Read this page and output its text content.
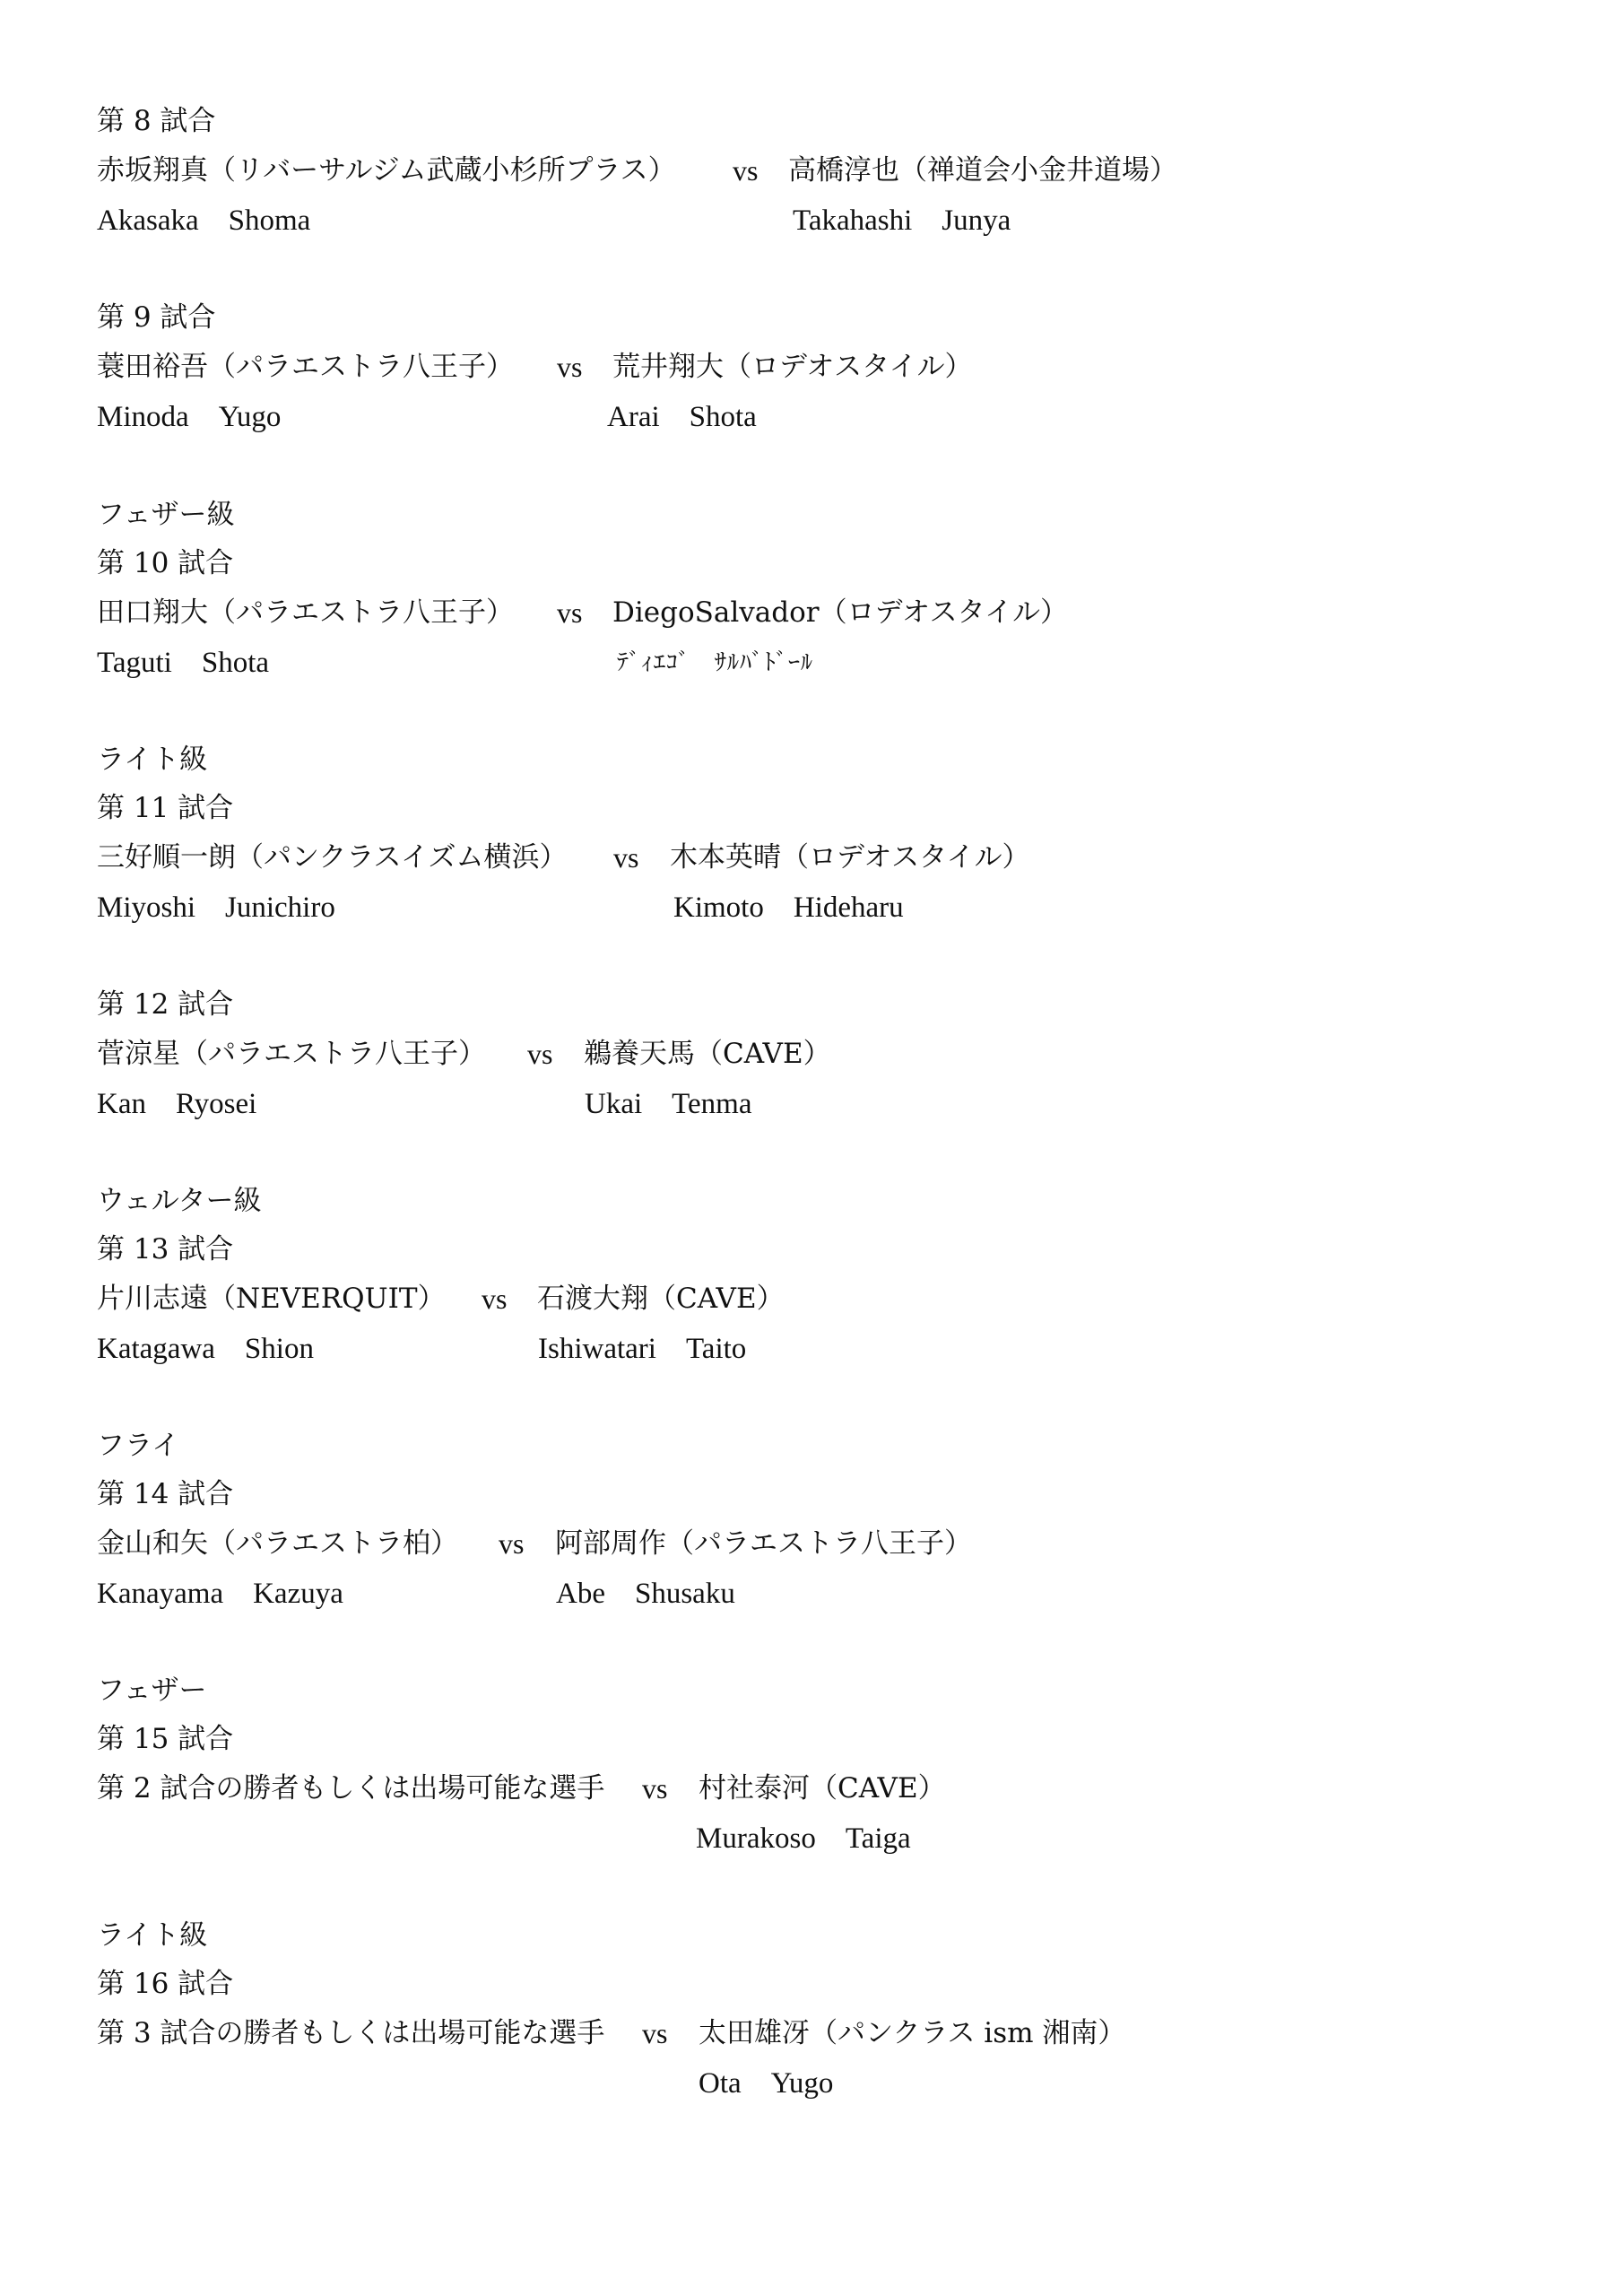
第 8 試合
赤坂翔真（リバーサルジム武蔵小杉所プラス） vs 高橋淳也（禅道会小金井道場）
Akasaka　Shoma	Takahashi　Junya
第 9 試合
蓑田裕吾（パラエストラ八王子） vs 荒井翔大（ロデオスタイル）
Minoda　Yugo	Arai　Shota
フェザー級
第 10 試合
田口翔大（パラエストラ八王子） vs DiegoSalvador（ロデオスタイル）
Taguti　Shota	ﾃﾞｨｴｺﾞ　ｻﾙﾊﾞﾄﾞｰﾙ
ライト級
第 11 試合
三好順一朗（パンクラスイズム横浜） vs 木本英晴（ロデオスタイル）
Miyoshi　Junichiro	Kimoto　Hideharu
第 12 試合
菅涼星（パラエストラ八王子） vs 鵜養天馬（CAVE）
Kan　Ryosei	Ukai　Tenma
ウェルター級
第 13 試合
片川志遠（NEVERQUIT） vs 石渡大翔（CAVE）
Katagawa　Shion	Ishiwatari　Taito
フライ
第 14 試合
金山和矢（パラエストラ柏） vs 阿部周作（パラエストラ八王子）
Kanayama　Kazuya	Abe　Shusaku
フェザー
第 15 試合
第 2 試合の勝者もしくは出場可能な選手 vs 村社泰河（CAVE）
Murakoso　Taiga
ライト級
第 16 試合
第 3 試合の勝者もしくは出場可能な選手 vs 太田雄冴（パンクラス ism 湘南）
Ota　Yugo
